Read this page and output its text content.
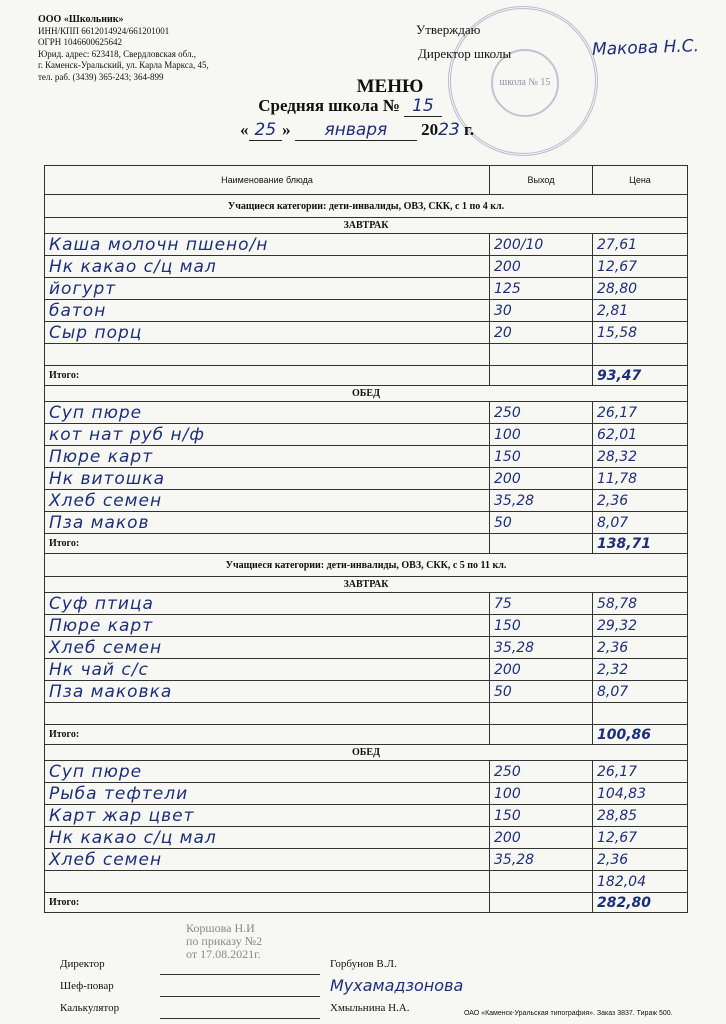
ООО «Школьник»
ИНН/КПП 6612014924/661201001
ОГРН 1046600625642
Юрид. адрес: 623418, Свердловская обл.,
г. Каменск-Уральский, ул. Карла Маркса, 45,
тел. раб. (3439) 365-243; 364-899
школа № 15
Утверждаю
Директор школы	Макова Н.С.
МЕНЮ
Средняя школа № 15
« 25 » января 2023 г.
Наименование блюда	Выход	Цена
Учащиеся категории: дети-инвалиды, ОВЗ, СКК, с 1 по 4 кл.		
ЗАВТРАК		
Каша молочн пшено/н	200/10	27,61
Нк какао с/ц мал	200	12,67
йогурт	125	28,80
батон	30	2,81
Сыр порц	20	15,58

Итого:		93,47
ОБЕД		
Суп пюре	250	26,17
кот нат руб н/ф	100	62,01
Пюре карт	150	28,32
Нк витошка	200	11,78
Хлеб семен	35,28	2,36
Пза маков	50	8,07
Итого:		138,71
Учащиеся категории: дети-инвалиды, ОВЗ, СКК, с 5 по 11 кл.		
ЗАВТРАК		
Суф птица	75	58,78
Пюре карт	150	29,32
Хлеб семен	35,28	2,36
Нк чай с/с	200	2,32
Пза маковка	50	8,07

Итого:		100,86
ОБЕД		
Суп пюре	250	26,17
Рыба тефтели	100	104,83
Карт жар цвет	150	28,85
Нк какао с/ц мал	200	12,67
Хлеб семен	35,28	2,36
		182,04
Итого:		282,80
Коршова Н.И
по приказу №2
от 17.08.2021г.
Директор	Горбунов В.Л.
Шеф-повар	Мухамадзонова
Калькулятор	Хмыльнина Н.А.	ОАО «Каменск-Уральская типография». Заказ 3837. Тираж 500.
